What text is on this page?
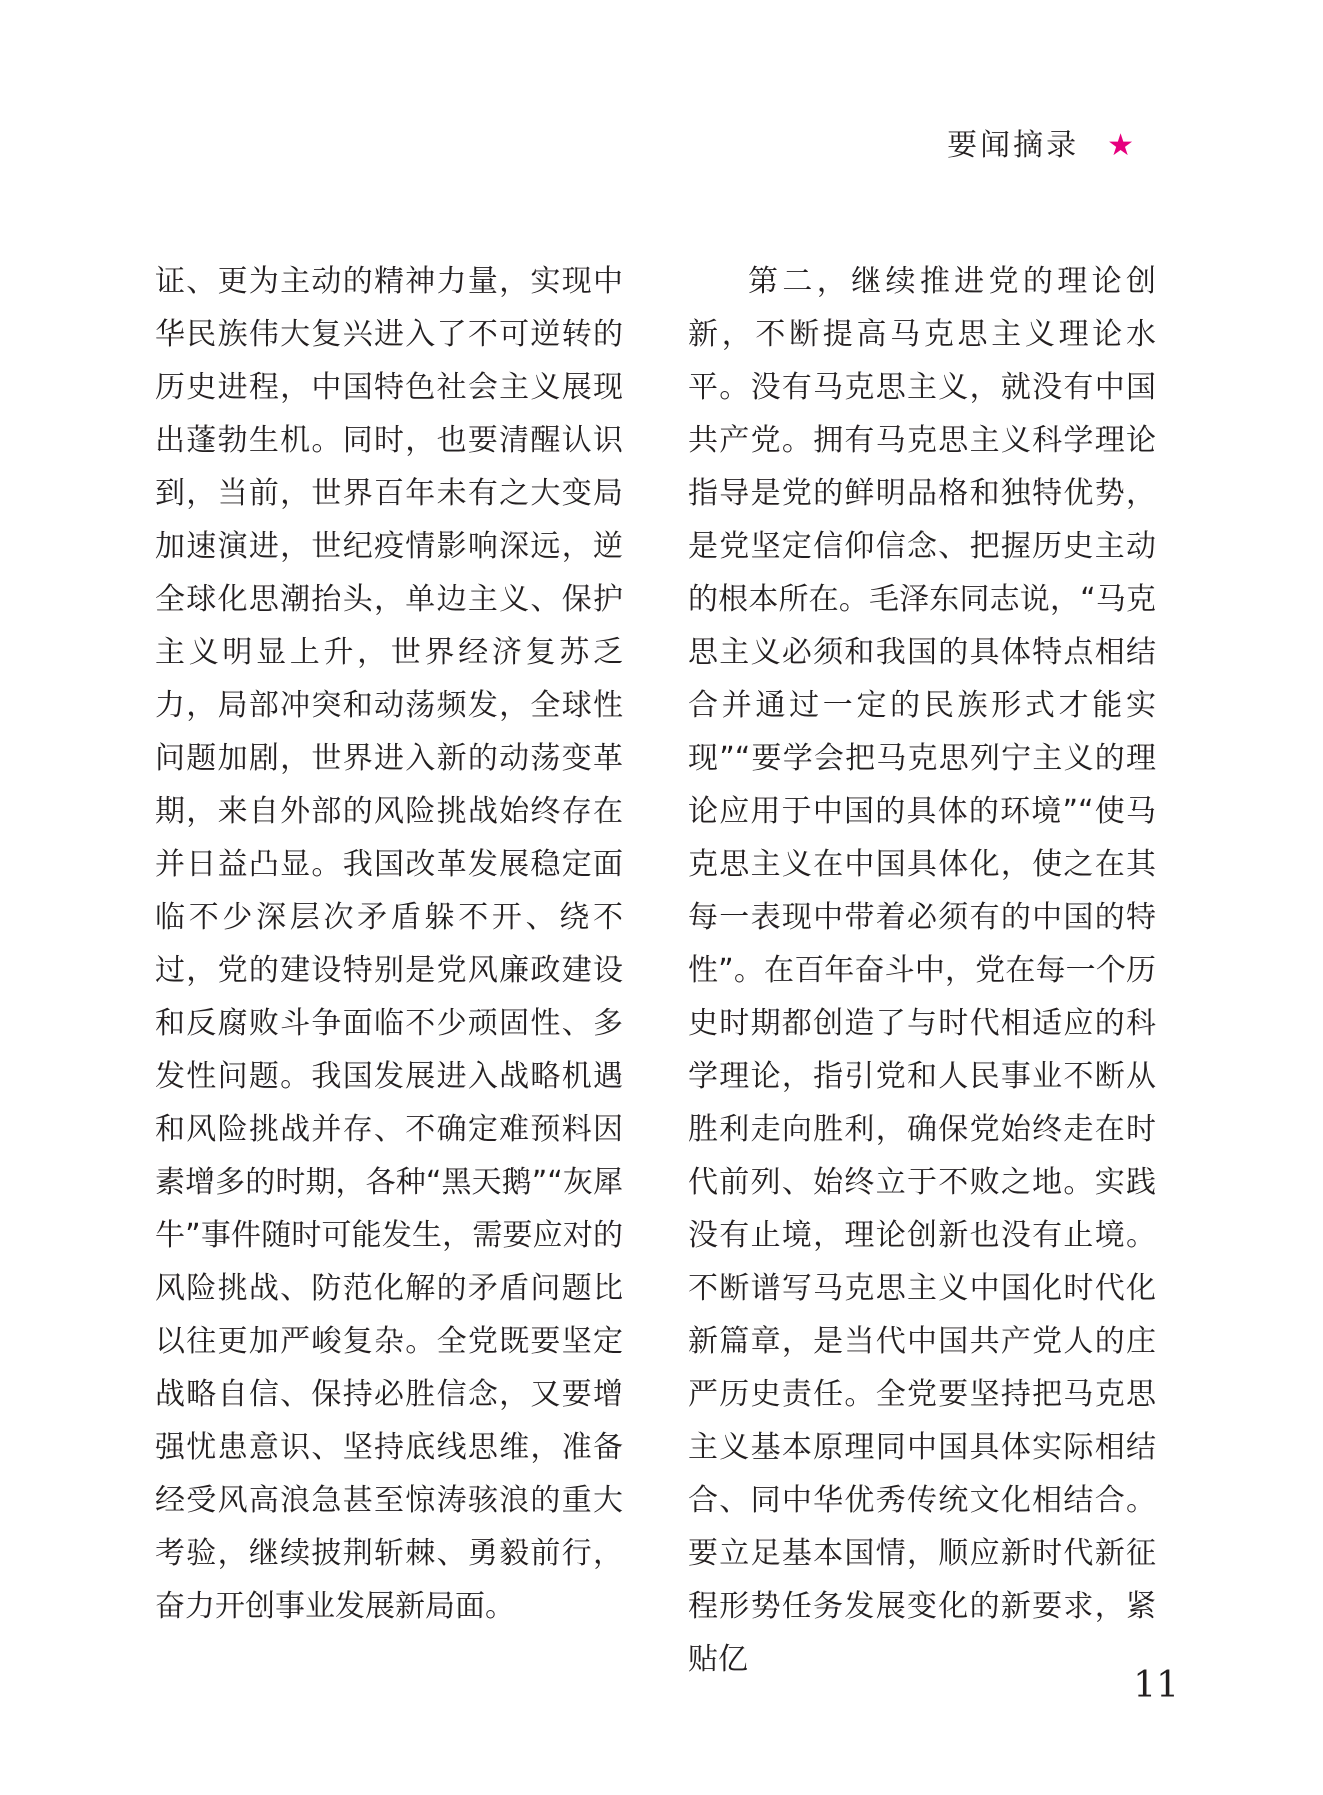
要闻摘录 ★

证、更为主动的精神力量，实现中华民族伟大复兴进入了不可逆转的历史进程，中国特色社会主义展现出蓬勃生机。同时，也要清醒认识到，当前，世界百年未有之大变局加速演进，世纪疫情影响深远，逆全球化思潮抬头，单边主义、保护主义明显上升，世界经济复苏乏力，局部冲突和动荡频发，全球性问题加剧，世界进入新的动荡变革期，来自外部的风险挑战始终存在并日益凸显。我国改革发展稳定面临不少深层次矛盾躲不开、绕不过，党的建设特别是党风廉政建设和反腐败斗争面临不少顽固性、多发性问题。我国发展进入战略机遇和风险挑战并存、不确定难预料因素增多的时期，各种“黑天鹅”“灰犀牛”事件随时可能发生，需要应对的风险挑战、防范化解的矛盾问题比以往更加严峻复杂。全党既要坚定战略自信、保持必胜信念，又要增强忧患意识、坚持底线思维，准备经受风高浪急甚至惊涛骇浪的重大考验，继续披荆斩棘、勇毅前行，奋力开创事业发展新局面。

第二，继续推进党的理论创新，不断提高马克思主义理论水平。没有马克思主义，就没有中国共产党。拥有马克思主义科学理论指导是党的鲜明品格和独特优势，是党坚定信仰信念、把握历史主动的根本所在。毛泽东同志说，“马克思主义必须和我国的具体特点相结合并通过一定的民族形式才能实现”“要学会把马克思列宁主义的理论应用于中国的具体的环境”“使马克思主义在中国具体化，使之在其每一表现中带着必须有的中国的特性”。在百年奋斗中，党在每一个历史时期都创造了与时代相适应的科学理论，指引党和人民事业不断从胜利走向胜利，确保党始终走在时代前列、始终立于不败之地。实践没有止境，理论创新也没有止境。不断谱写马克思主义中国化时代化新篇章，是当代中国共产党人的庄严历史责任。全党要坚持把马克思主义基本原理同中国具体实际相结合、同中华优秀传统文化相结合。要立足基本国情，顺应新时代新征程形势任务发展变化的新要求，紧贴亿

11
